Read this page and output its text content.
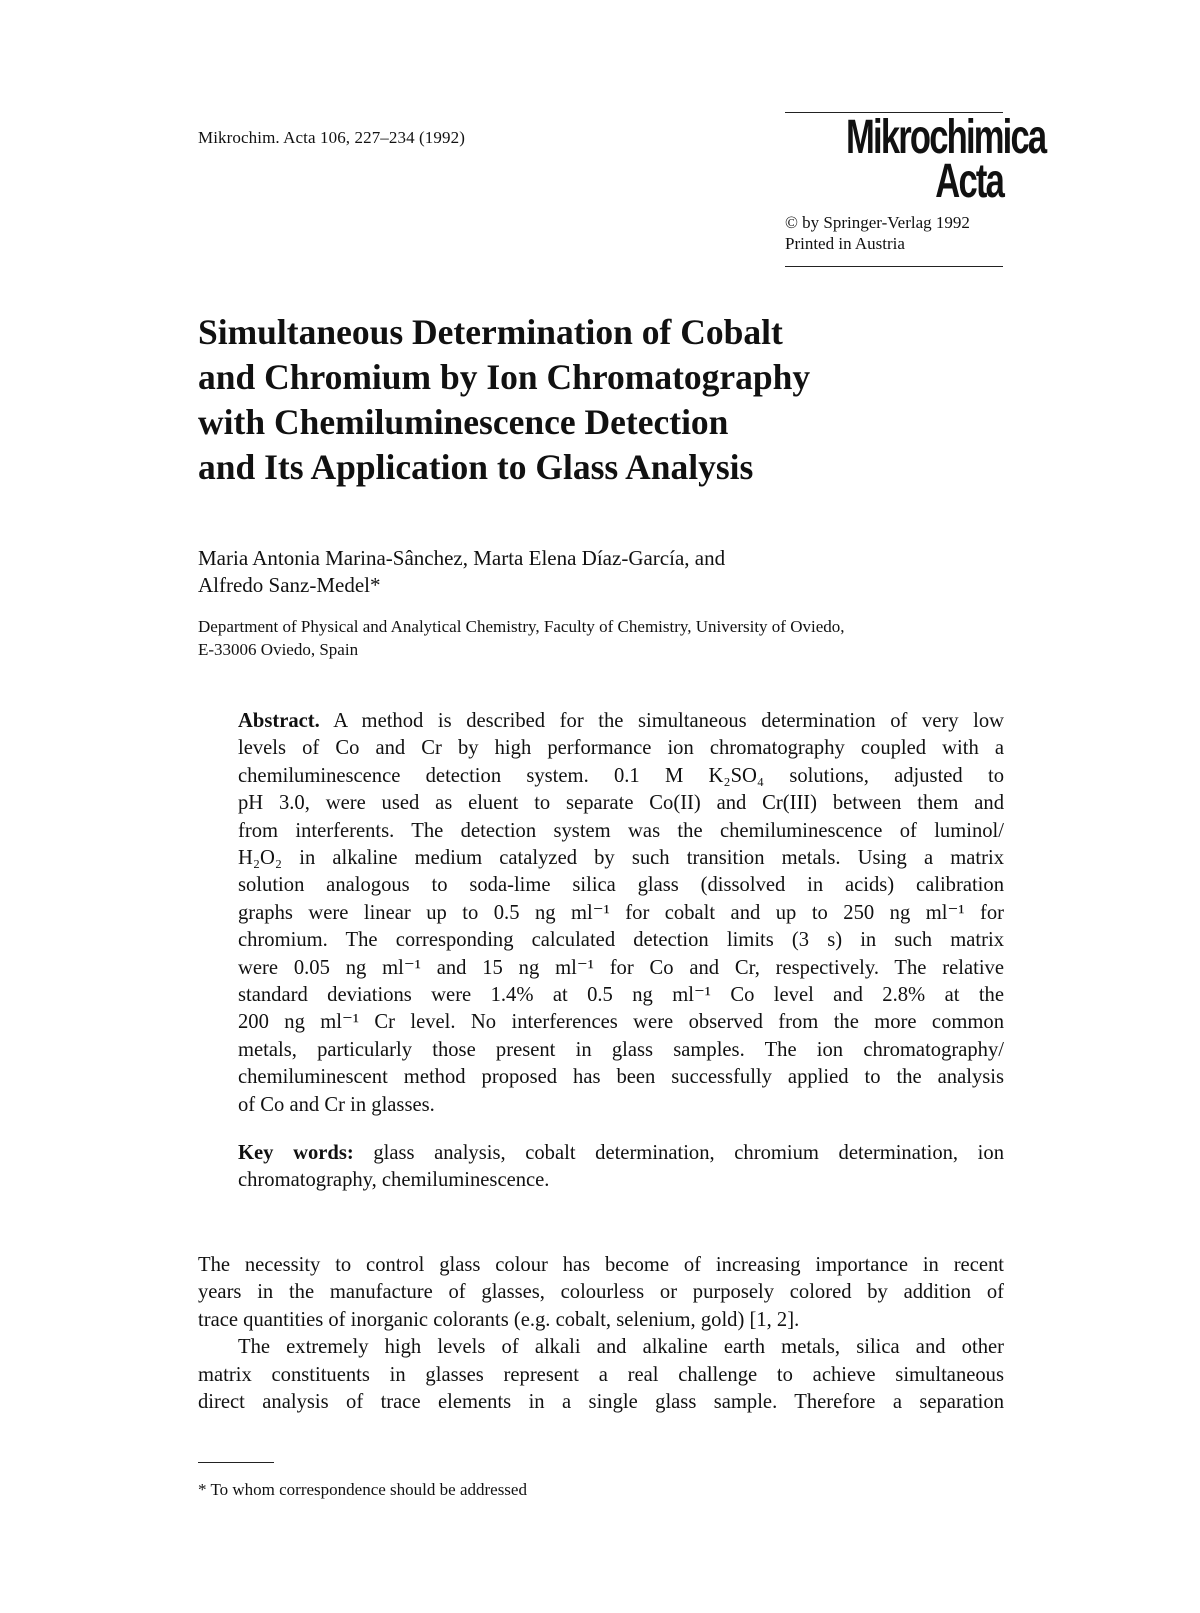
Mikrochim. Acta 106, 227–234 (1992)	Mikrochimica
Acta
© by Springer-Verlag 1992
Printed in Austria
Simultaneous Determination of Cobalt
and Chromium by Ion Chromatography
with Chemiluminescence Detection
and Its Application to Glass Analysis
Maria Antonia Marina-Sânchez, Marta Elena Díaz-García, and
Alfredo Sanz-Medel*
Department of Physical and Analytical Chemistry, Faculty of Chemistry, University of Oviedo,
E-33006 Oviedo, Spain
Abstract. A method is described for the simultaneous determination of very low
levels of Co and Cr by high performance ion chromatography coupled with a
chemiluminescence detection system. 0.1 M K₂SO₄ solutions, adjusted to
pH 3.0, were used as eluent to separate Co(II) and Cr(III) between them and
from interferents. The detection system was the chemiluminescence of luminol/
H₂O₂ in alkaline medium catalyzed by such transition metals. Using a matrix
solution analogous to soda-lime silica glass (dissolved in acids) calibration
graphs were linear up to 0.5 ng ml⁻¹ for cobalt and up to 250 ng ml⁻¹ for
chromium. The corresponding calculated detection limits (3 s) in such matrix
were 0.05 ng ml⁻¹ and 15 ng ml⁻¹ for Co and Cr, respectively. The relative
standard deviations were 1.4% at 0.5 ng ml⁻¹ Co level and 2.8% at the
200 ng ml⁻¹ Cr level. No interferences were observed from the more common
metals, particularly those present in glass samples. The ion chromatography/
chemiluminescent method proposed has been successfully applied to the analysis
of Co and Cr in glasses.
Key words: glass analysis, cobalt determination, chromium determination, ion
chromatography, chemiluminescence.
The necessity to control glass colour has become of increasing importance in recent
years in the manufacture of glasses, colourless or purposely colored by addition of
trace quantities of inorganic colorants (e.g. cobalt, selenium, gold) [1, 2].
The extremely high levels of alkali and alkaline earth metals, silica and other
matrix constituents in glasses represent a real challenge to achieve simultaneous
direct analysis of trace elements in a single glass sample. Therefore a separation
* To whom correspondence should be addressed
